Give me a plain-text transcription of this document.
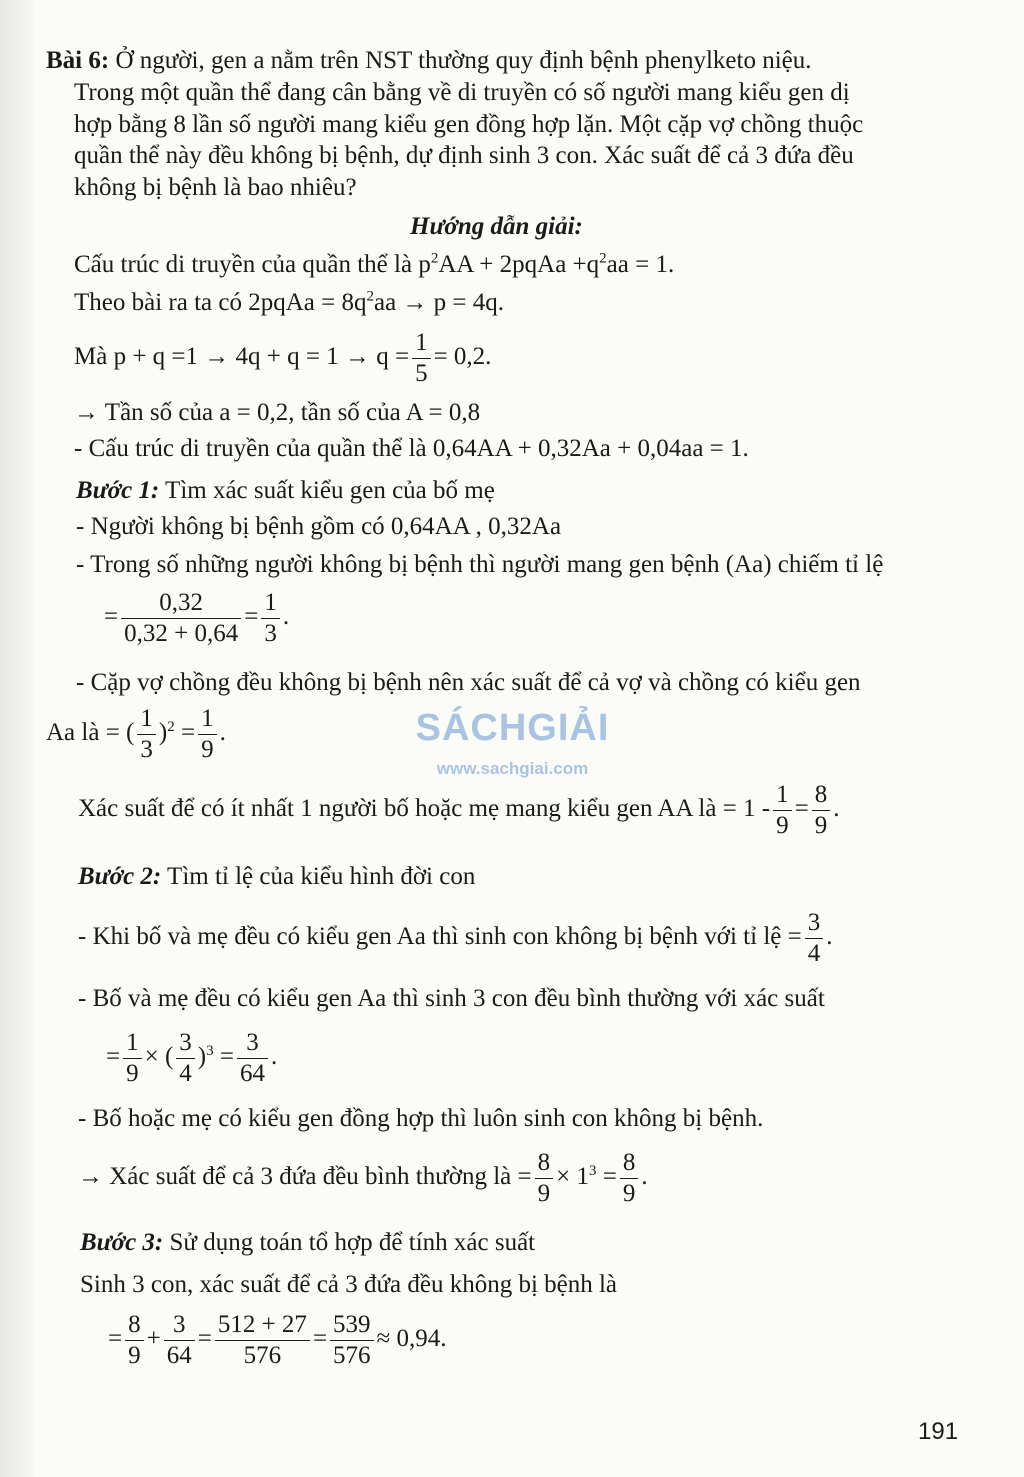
Bài 6: Ở người, gen a nằm trên NST thường quy định bệnh phenylketo niệu.
Trong một quần thể đang cân bằng về di truyền có số người mang kiểu gen dị
hợp bằng 8 lần số người mang kiểu gen đồng hợp lặn. Một cặp vợ chồng thuộc
quần thể này đều không bị bệnh, dự định sinh 3 con. Xác suất để cả 3 đứa đều
không bị bệnh là bao nhiêu?
Hướng dẫn giải:
Cấu trúc di truyền của quần thể là $p^2AA$ + 2pqAa $+q^2aa = 1$.
Theo bài ra ta có 2pqAa = $8q^2aa \to p = 4q$.
Mà $p + q =1 \to 4q + q = 1 \to q = \frac{1}{5} = 0,2$.
→ Tần số của a = 0,2, tần số của A = 0,8
- Cấu trúc di truyền của quần thể là 0,64AA + 0,32Aa + 0,04aa = 1.
Bước 1: Tìm xác suất kiểu gen của bố mẹ
- Người không bị bệnh gồm có 0,64AA , 0,32Aa
- Trong số những người không bị bệnh thì người mang gen bệnh (Aa) chiếm tỉ lệ
= $\frac{0,32}{0,32 + 0,64} = \frac{1}{3}$ .
- Cặp vợ chồng đều không bị bệnh nên xác suất để cả vợ và chồng có kiểu gen
Aa là = ( $\frac{1}{3} )^2 = \frac{1}{9}$ .
Xác suất để có ít nhất 1 người bố hoặc mẹ mang kiểu gen AA là = $1 - \frac{1}{9} = \frac{8}{9}$ .
SÁCHGIẢI
www.sachgiai.com
Bước 2: Tìm tỉ lệ của kiểu hình đời con
- Khi bố và mẹ đều có kiểu gen Aa thì sinh con không bị bệnh với tỉ lệ = $\frac{3}{4}$ .
- Bố và mẹ đều có kiểu gen Aa thì sinh 3 con đều bình thường với xác suất
= $\frac{1}{9}$ × ( $\frac{3}{4} )^3 = \frac{3}{64}$ .
- Bố hoặc mẹ có kiểu gen đồng hợp thì luôn sinh con không bị bệnh.
→ Xác suất để cả 3 đứa đều bình thường là = $\frac{8}{9} \times 1^3 = \frac{8}{9}$ .
Bước 3: Sử dụng toán tổ hợp để tính xác suất
Sinh 3 con, xác suất để cả 3 đứa đều không bị bệnh là
= $\frac{8}{9} + \frac{3}{64} = \frac{512 + 27}{576} = \frac{539}{576} \approx 0,94$.
191
